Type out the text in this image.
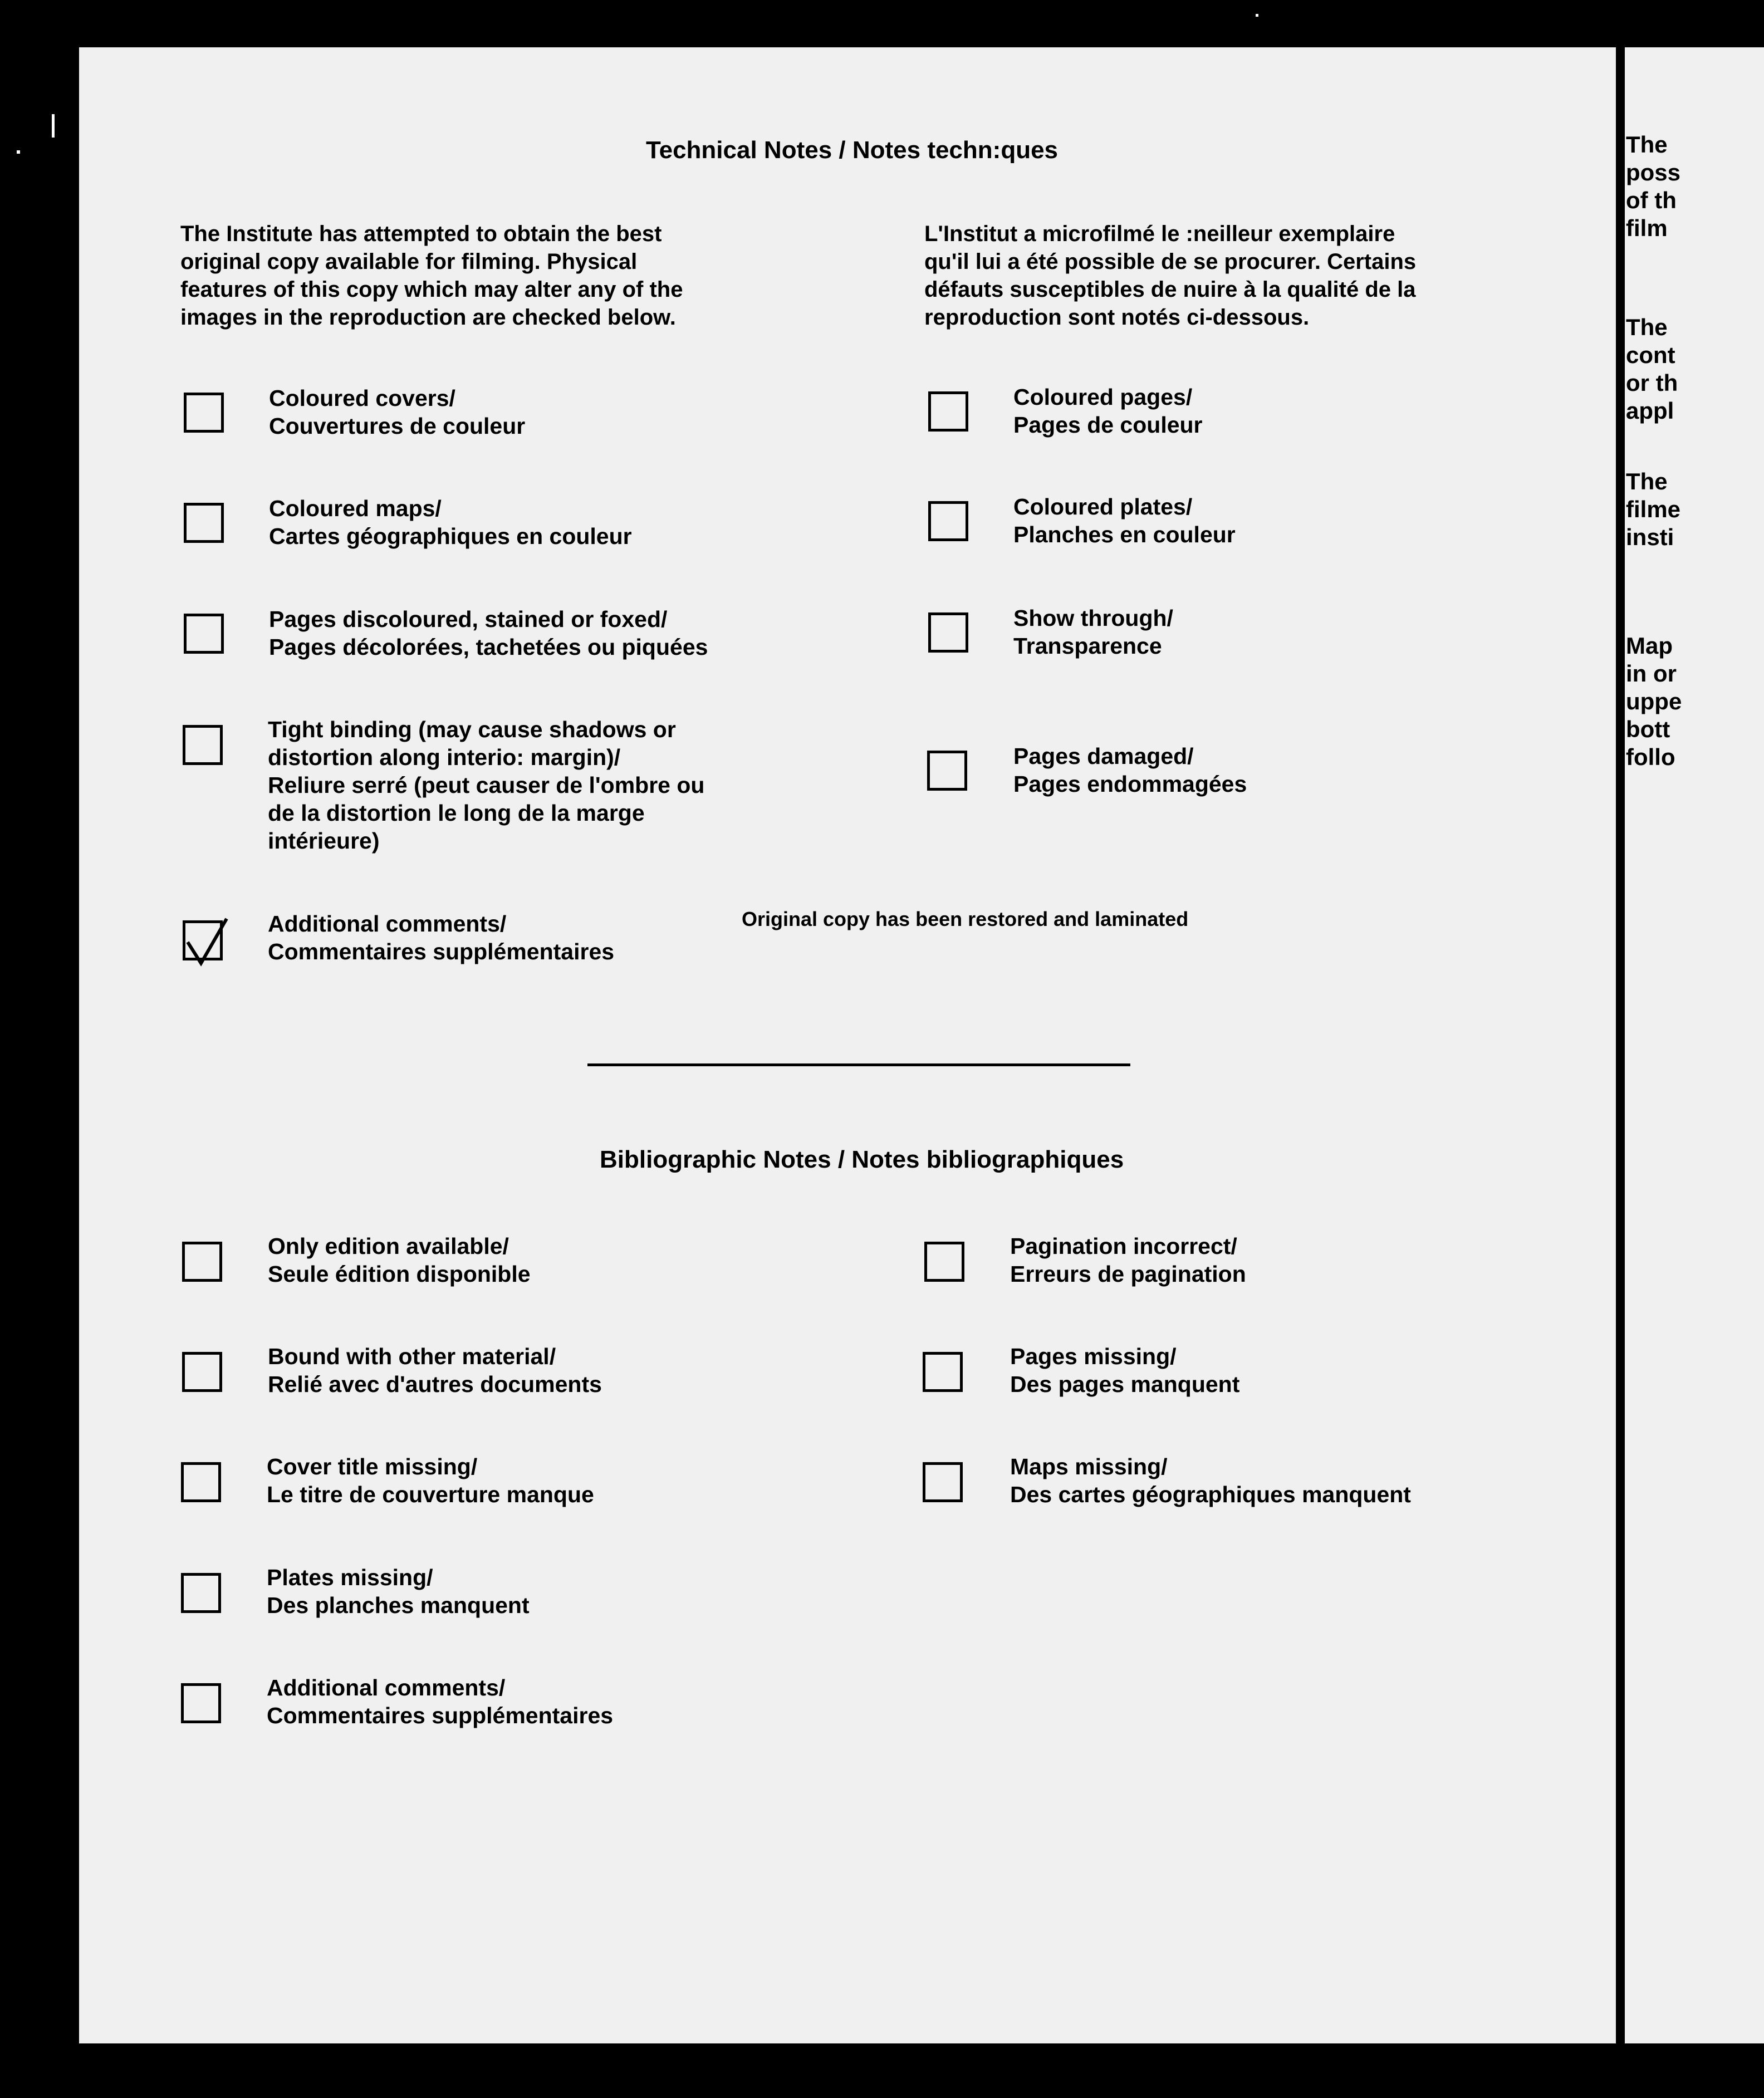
Technical Notes / Notes techn:ques
The Institute has attempted to obtain the best
original copy available for filming. Physical
features of this copy which may alter any of the
images in the reproduction are checked below.
L'Institut a microfilmé le :neilleur exemplaire
qu'il lui a été possible de se procurer. Certains
défauts susceptibles de nuire à la qualité de la
reproduction sont notés ci-dessous.
Coloured covers/
Couvertures de couleur
Coloured maps/
Cartes géographiques en couleur
Pages discoloured, stained or foxed/
Pages décolorées, tachetées ou piquées
Tight binding (may cause shadows or
distortion along interio: margin)/
Reliure serré (peut causer de l'ombre ou
de la distortion le long de la marge
intérieure)
Additional comments/
Commentaires supplémentaires
Original copy has been restored and laminated
Coloured pages/
Pages de couleur
Coloured plates/
Planches en couleur
Show through/
Transparence
Pages damaged/
Pages endommagées
Bibliographic Notes / Notes bibliographiques
Only edition available/
Seule édition disponible
Bound with other material/
Relié avec d'autres documents
Cover title missing/
Le titre de couverture manque
Plates missing/
Des planches manquent
Additional comments/
Commentaires supplémentaires
Pagination incorrect/
Erreurs de pagination
Pages missing/
Des pages manquent
Maps missing/
Des cartes géographiques manquent
The
poss
of th
film
The
cont
or th
appl
The
filme
insti
Map
in or
uppe
bott
follo
